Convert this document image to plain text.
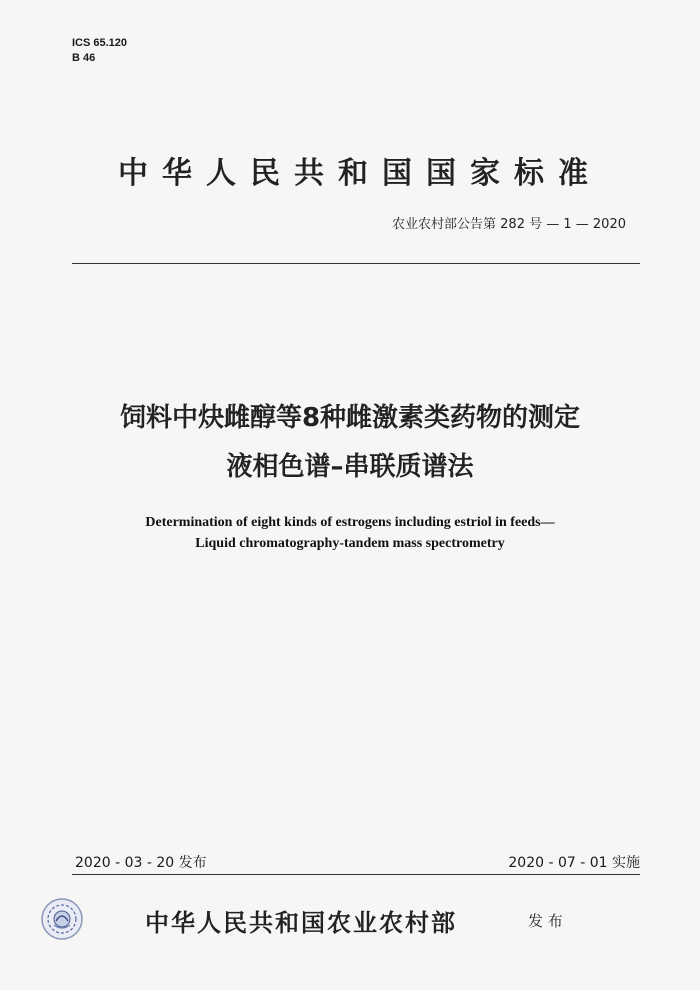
ICS 65.120
B 46
中华人民共和国国家标准
农业农村部公告第 282 号 — 1 — 2020
饲料中炔雌醇等8种雌激素类药物的测定
液相色谱–串联质谱法
Determination of eight kinds of estrogens including estriol in feeds—
Liquid chromatography-tandem mass spectrometry
2020 - 03 - 20 发布	2020 - 07 - 01 实施
中华人民共和国农业农村部	发 布
